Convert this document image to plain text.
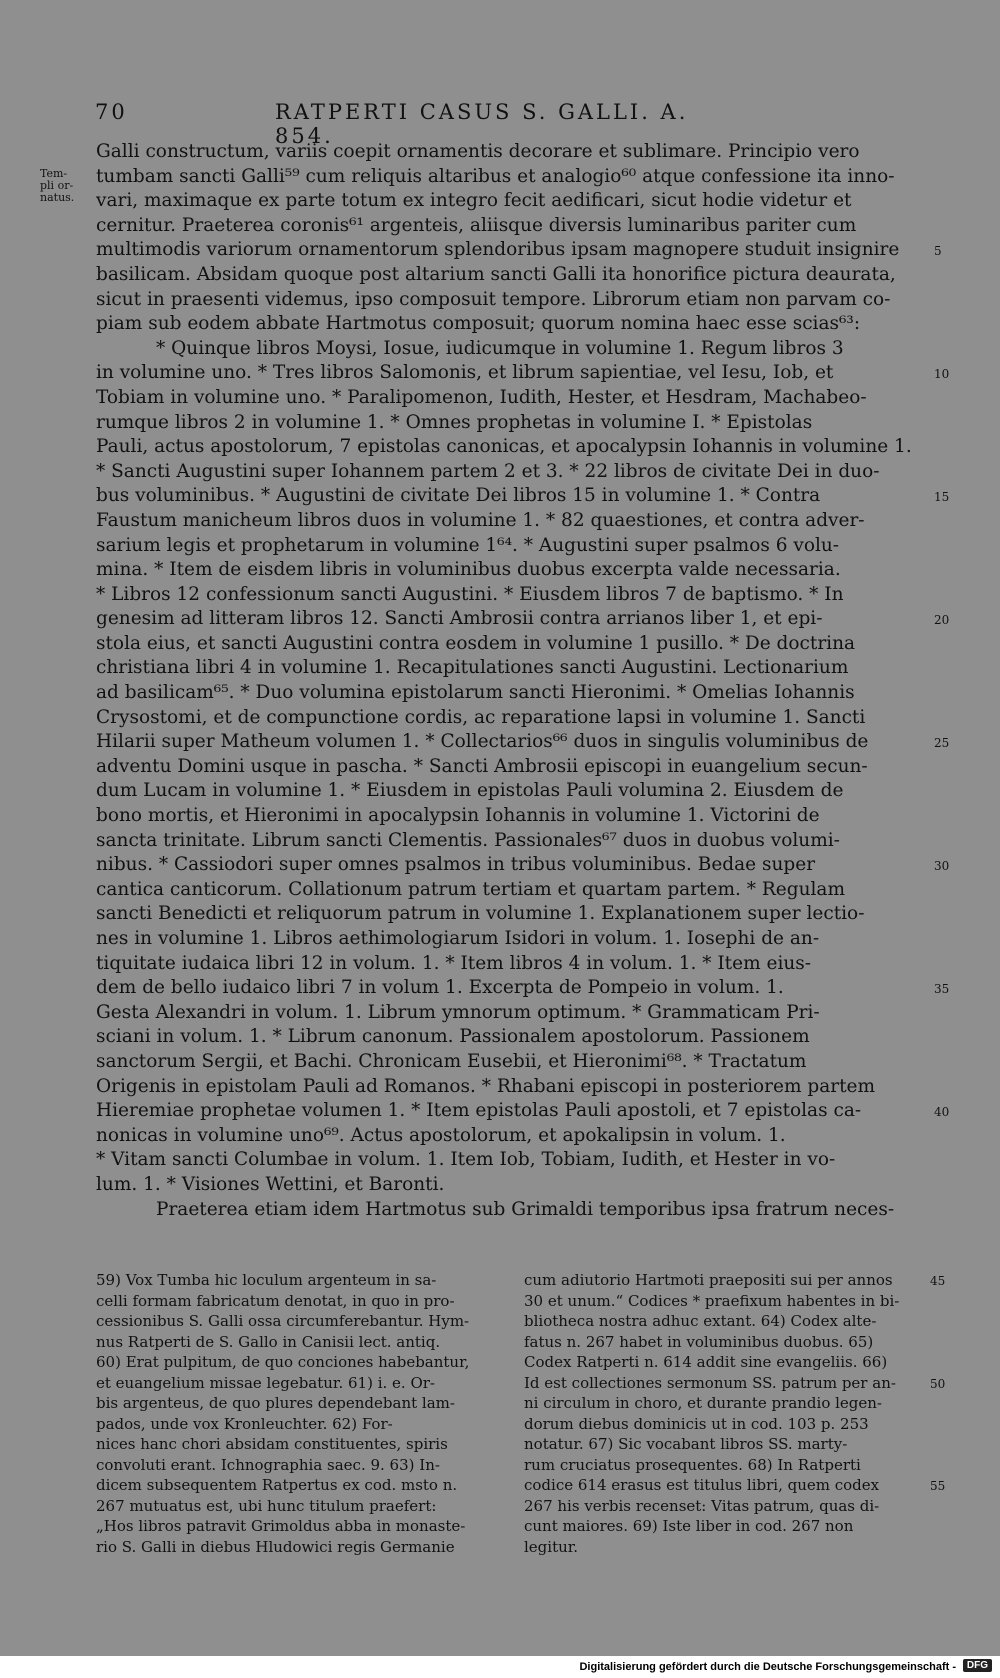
70	RATPERTI CASUS S. GALLI. A. 854.
Tem-
pli or-
natus.
Galli constructum, variis coepit ornamentis decorare et sublimare. Principio vero
tumbam sancti Galli⁵⁹ cum reliquis altaribus et analogio⁶⁰ atque confessione ita inno-
vari, maximaque ex parte totum ex integro fecit aedificari, sicut hodie videtur et
cernitur. Praeterea coronis⁶¹ argenteis, aliisque diversis luminaribus pariter cum
multimodis variorum ornamentorum splendoribus ipsam magnopere studuit insignire
basilicam. Absidam quoque post altarium sancti Galli ita honorifice pictura deaurata,
sicut in praesenti videmus, ipso composuit tempore. Librorum etiam non parvam co-
piam sub eodem abbate Hartmotus composuit; quorum nomina haec esse scias⁶³:
* Quinque libros Moysi, Iosue, iudicumque in volumine 1. Regum libros 3
in volumine uno. * Tres libros Salomonis, et librum sapientiae, vel Iesu, Iob, et
Tobiam in volumine uno. * Paralipomenon, Iudith, Hester, et Hesdram, Machabeo-
rumque libros 2 in volumine 1. * Omnes prophetas in volumine I. * Epistolas
Pauli, actus apostolorum, 7 epistolas canonicas, et apocalypsin Iohannis in volumine 1.
* Sancti Augustini super Iohannem partem 2 et 3. * 22 libros de civitate Dei in duo-
bus voluminibus. * Augustini de civitate Dei libros 15 in volumine 1. * Contra
Faustum manicheum libros duos in volumine 1. * 82 quaestiones, et contra adver-
sarium legis et prophetarum in volumine 1⁶⁴. * Augustini super psalmos 6 volu-
mina. * Item de eisdem libris in voluminibus duobus excerpta valde necessaria.
* Libros 12 confessionum sancti Augustini. * Eiusdem libros 7 de baptismo. * In
genesim ad litteram libros 12. Sancti Ambrosii contra arrianos liber 1, et epi-
stola eius, et sancti Augustini contra eosdem in volumine 1 pusillo. * De doctrina
christiana libri 4 in volumine 1. Recapitulationes sancti Augustini. Lectionarium
ad basilicam⁶⁵. * Duo volumina epistolarum sancti Hieronimi. * Omelias Iohannis
Crysostomi, et de compunctione cordis, ac reparatione lapsi in volumine 1. Sancti
Hilarii super Matheum volumen 1. * Collectarios⁶⁶ duos in singulis voluminibus de
adventu Domini usque in pascha. * Sancti Ambrosii episcopi in euangelium secun-
dum Lucam in volumine 1. * Eiusdem in epistolas Pauli volumina 2. Eiusdem de
bono mortis, et Hieronimi in apocalypsin Iohannis in volumine 1. Victorini de
sancta trinitate. Librum sancti Clementis. Passionales⁶⁷ duos in duobus volumi-
nibus. * Cassiodori super omnes psalmos in tribus voluminibus. Bedae super
cantica canticorum. Collationum patrum tertiam et quartam partem. * Regulam
sancti Benedicti et reliquorum patrum in volumine 1. Explanationem super lectio-
nes in volumine 1. Libros aethimologiarum Isidori in volum. 1. Iosephi de an-
tiquitate iudaica libri 12 in volum. 1. * Item libros 4 in volum. 1. * Item eius-
dem de bello iudaico libri 7 in volum 1. Excerpta de Pompeio in volum. 1.
Gesta Alexandri in volum. 1. Librum ymnorum optimum. * Grammaticam Pri-
sciani in volum. 1. * Librum canonum. Passionalem apostolorum. Passionem
sanctorum Sergii, et Bachi. Chronicam Eusebii, et Hieronimi⁶⁸. * Tractatum
Origenis in epistolam Pauli ad Romanos. * Rhabani episcopi in posteriorem partem
Hieremiae prophetae volumen 1. * Item epistolas Pauli apostoli, et 7 epistolas ca-
nonicas in volumine uno⁶⁹. Actus apostolorum, et apokalipsin in volum. 1.
* Vitam sancti Columbae in volum. 1. Item Iob, Tobiam, Iudith, et Hester in vo-
lum. 1. * Visiones Wettini, et Baronti.
Praeterea etiam idem Hartmotus sub Grimaldi temporibus ipsa fratrum neces-
5
10
15
20
25
30
35
40
59) Vox Tumba hic loculum argenteum in sa-
celli formam fabricatum denotat, in quo in pro-
cessionibus S. Galli ossa circumferebantur. Hym-
nus Ratperti de S. Gallo in Canisii lect. antiq.
60) Erat pulpitum, de quo conciones habebantur,
et euangelium missae legebatur. 61) i. e. Or-
bis argenteus, de quo plures dependebant lam-
pados, unde vox Kronleuchter. 62) For-
nices hanc chori absidam constituentes, spiris
convoluti erant. Ichnographia saec. 9. 63) In-
dicem subsequentem Ratpertus ex cod. msto n.
267 mutuatus est, ubi hunc titulum praefert:
„Hos libros patravit Grimoldus abba in monaste-
rio S. Galli in diebus Hludowici regis Germanie
cum adiutorio Hartmoti praepositi sui per annos
30 et unum.“ Codices * praefixum habentes in bi-
bliotheca nostra adhuc extant. 64) Codex alte-
fatus n. 267 habet in voluminibus duobus. 65)
Codex Ratperti n. 614 addit sine evangeliis. 66)
Id est collectiones sermonum SS. patrum per an-
ni circulum in choro, et durante prandio legen-
dorum diebus dominicis ut in cod. 103 p. 253
notatur. 67) Sic vocabant libros SS. marty-
rum cruciatus prosequentes. 68) In Ratperti
codice 614 erasus est titulus libri, quem codex
267 his verbis recenset: Vitas patrum, quas di-
cunt maiores. 69) Iste liber in cod. 267 non
legitur.
45
50
55
Digitalisierung gefördert durch die Deutsche Forschungsgemeinschaft -	DFG
